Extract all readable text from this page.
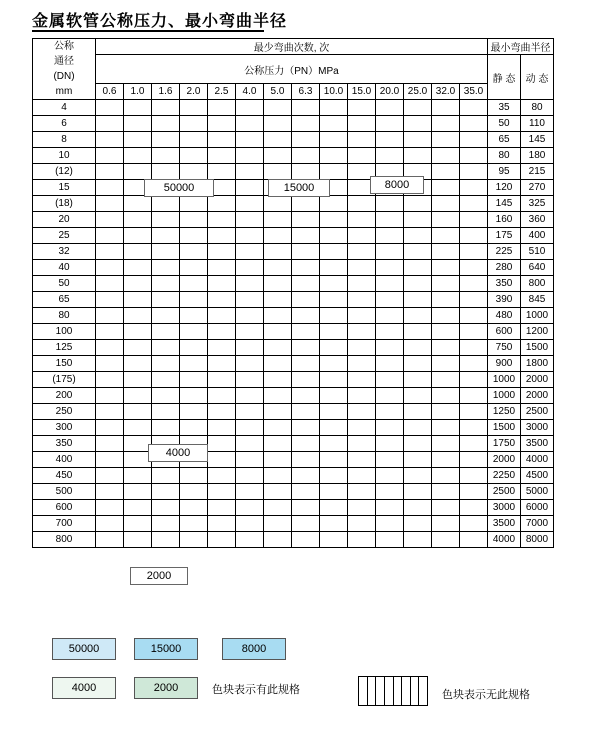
金属软管公称压力、最小弯曲半径
公称
通径
(DN)
mm	最少弯曲次数, 次														最小弯曲半径	
	公称压力（PN）MPa														静 态	动 态
	0.6	1.0	1.6	2.0	2.5	4.0	5.0	6.3	10.0	15.0	20.0	25.0	32.0	35.0		
4															35	80
6															50	110
8															65	145
10															80	180
(12)															95	215
15															120	270
(18)															145	325
20															160	360
25															175	400
32															225	510
40															280	640
50															350	800
65															390	845
80															480	1000
100															600	1200
125															750	1500
150															900	1800
(175)															1000	2000
200															1000	2000
250															1250	2500
300															1500	3000
350															1750	3500
400															2000	4000
450															2250	4500
500															2500	5000
600															3000	6000
700															3500	7000
800															4000	8000
50000	15000	8000
4000
2000
50000	15000	8000
4000	2000	色块表示有此规格	色块表示无此规格
